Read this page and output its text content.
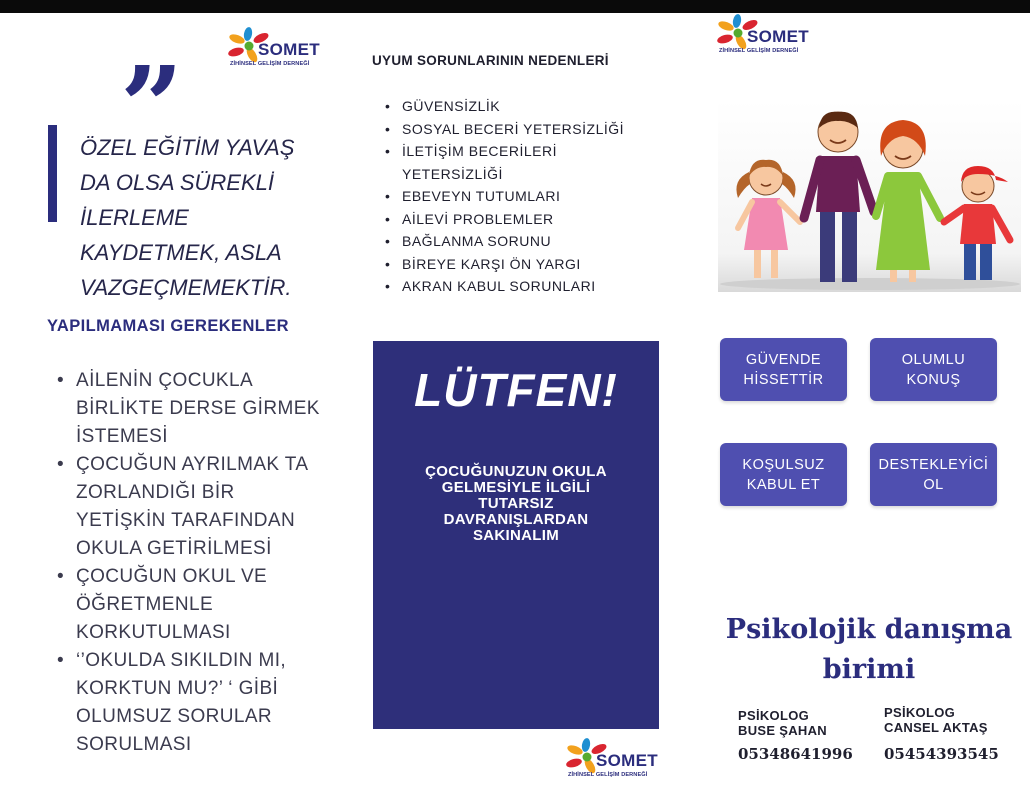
SOMET
ZİHİNSEL GELİŞİM DERNEĞİ
SOMET
ZİHİNSEL GELİŞİM DERNEĞİ
SOMET
ZİHİNSEL GELİŞİM DERNEĞİ
”
ÖZEL EĞİTİM YAVAŞ
DA OLSA SÜREKLİ
İLERLEME
KAYDETMEK, ASLA
VAZGEÇMEMEKTİR.
YAPILMAMASI GEREKENLER
• AİLENİN ÇOCUKLA BİRLİKTE DERSE GİRMEK İSTEMESİ
• ÇOCUĞUN AYRILMAK TA ZORLANDIĞI BİR YETİŞKİN TARAFINDAN OKULA GETİRİLMESİ
• ÇOCUĞUN OKUL VE ÖĞRETMENLE KORKUTULMASI
• ‘’OKULDA SIKILDIN MI, KORKTUN MU?’ ‘ GİBİ OLUMSUZ SORULAR SORULMASI
UYUM SORUNLARININ NEDENLERİ
• GÜVENSİZLİK
• SOSYAL BECERİ YETERSİZLİĞİ
• İLETİŞİM BECERİLERİ YETERSİZLİĞİ
• EBEVEYN TUTUMLARI
• AİLEVİ PROBLEMLER
• BAĞLANMA SORUNU
• BİREYE KARŞI ÖN YARGI
• AKRAN KABUL SORUNLARI
LÜTFEN!
ÇOCUĞUNUZUN OKULA
GELMESİYLE İLGİLİ
TUTARSIZ
DAVRANIŞLARDAN
SAKINALIM
GÜVENDE
HİSSETTİR
OLUMLU
KONUŞ
KOŞULSUZ
KABUL ET
DESTEKLEYİCİ
OL
Psikolojik danışma
birimi
PSİKOLOG
BUSE ŞAHAN
PSİKOLOG
CANSEL AKTAŞ
05348641996 05454393545
